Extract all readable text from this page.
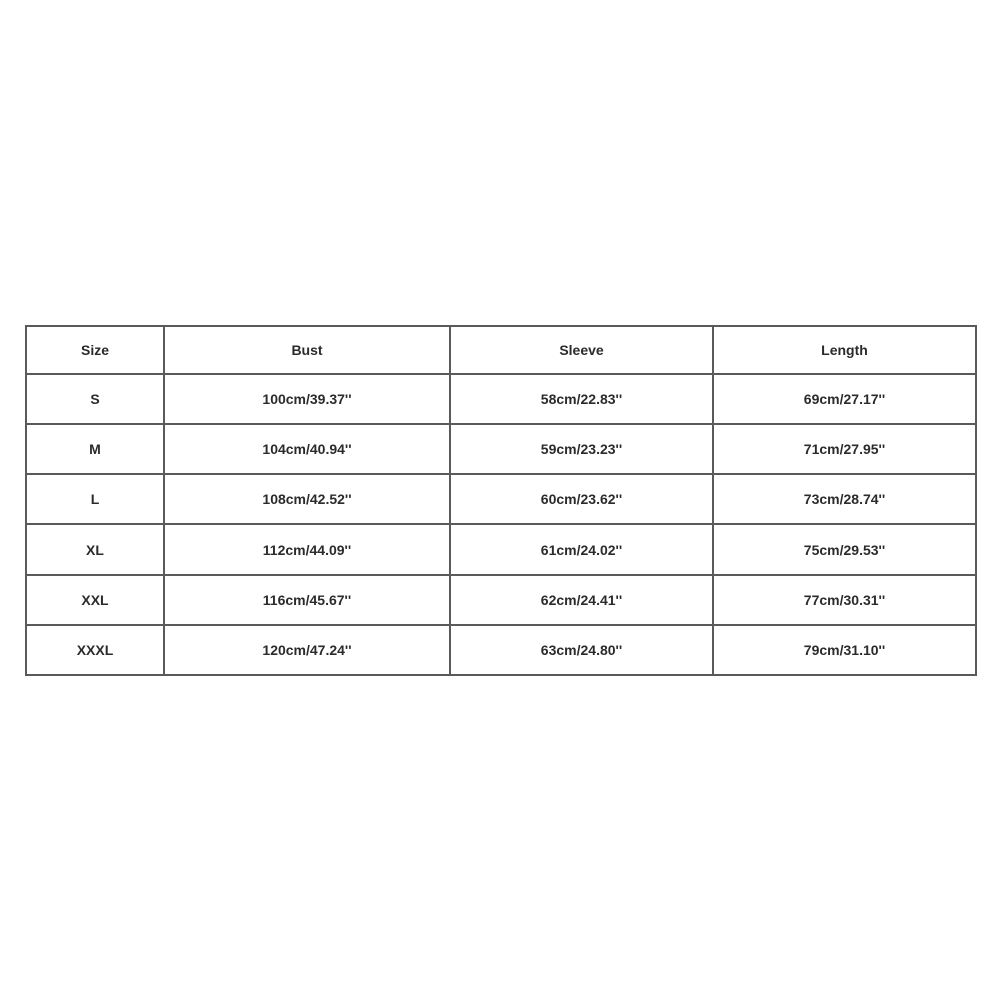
Size	Bust	Sleeve	Length
S	100cm/39.37''	58cm/22.83''	69cm/27.17''
M	104cm/40.94''	59cm/23.23''	71cm/27.95''
L	108cm/42.52''	60cm/23.62''	73cm/28.74''
XL	112cm/44.09''	61cm/24.02''	75cm/29.53''
XXL	116cm/45.67''	62cm/24.41''	77cm/30.31''
XXXL	120cm/47.24''	63cm/24.80''	79cm/31.10''
